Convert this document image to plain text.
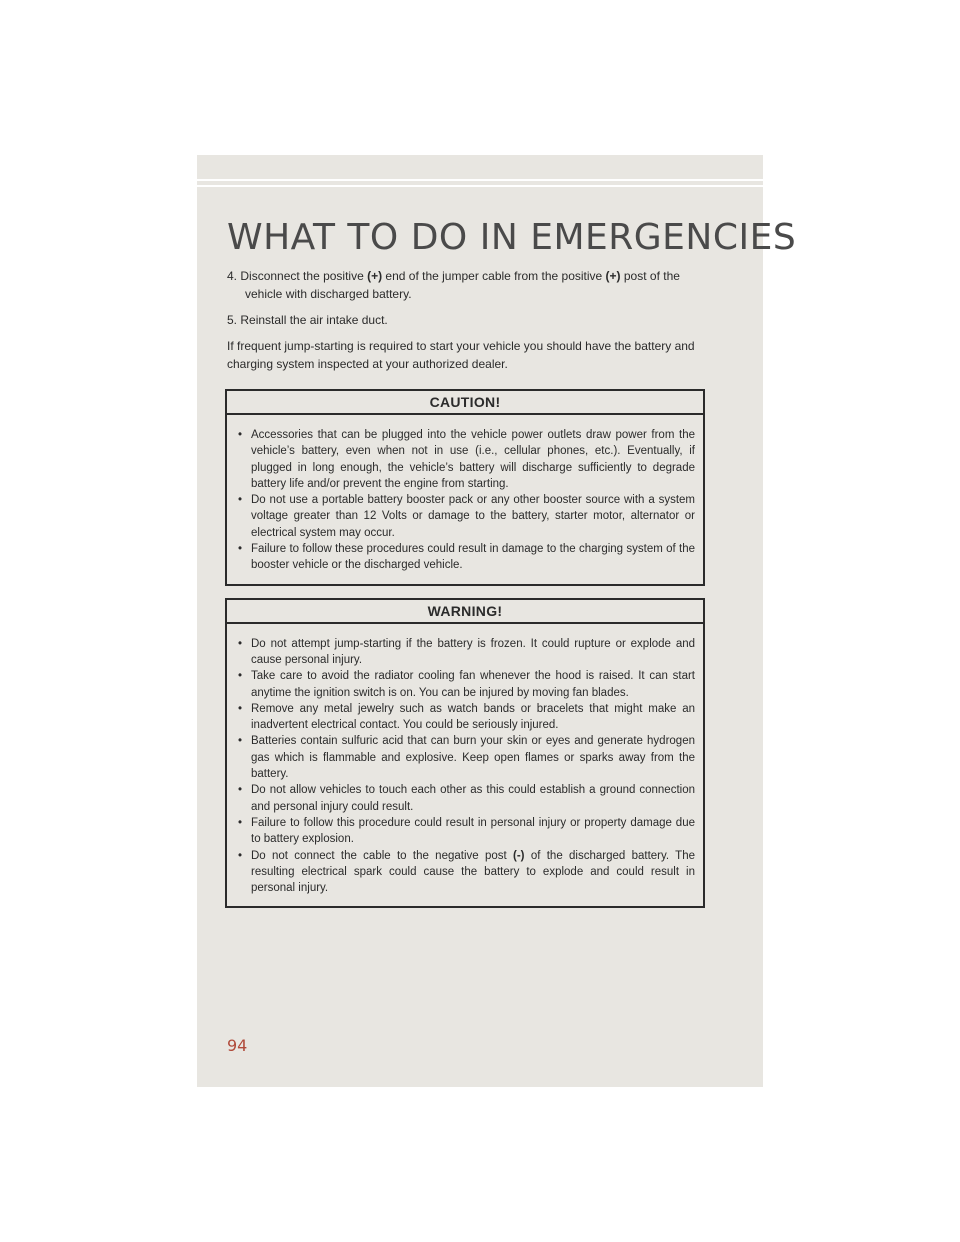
WHAT TO DO IN EMERGENCIES

4. Disconnect the positive (+) end of the jumper cable from the positive (+) post of the vehicle with discharged battery.

5. Reinstall the air intake duct.

If frequent jump-starting is required to start your vehicle you should have the battery and charging system inspected at your authorized dealer.

CAUTION!
• Accessories that can be plugged into the vehicle power outlets draw power from the vehicle’s battery, even when not in use (i.e., cellular phones, etc.). Eventually, if plugged in long enough, the vehicle’s battery will discharge sufficiently to degrade battery life and/or prevent the engine from starting.
• Do not use a portable battery booster pack or any other booster source with a system voltage greater than 12 Volts or damage to the battery, starter motor, alternator or electrical system may occur.
• Failure to follow these procedures could result in damage to the charging system of the booster vehicle or the discharged vehicle.
WARNING!
• Do not attempt jump-starting if the battery is frozen. It could rupture or explode and cause personal injury.
• Take care to avoid the radiator cooling fan whenever the hood is raised. It can start anytime the ignition switch is on. You can be injured by moving fan blades.
• Remove any metal jewelry such as watch bands or bracelets that might make an inadvertent electrical contact. You could be seriously injured.
• Batteries contain sulfuric acid that can burn your skin or eyes and generate hydrogen gas which is flammable and explosive. Keep open flames or sparks away from the battery.
• Do not allow vehicles to touch each other as this could establish a ground connection and personal injury could result.
• Failure to follow this procedure could result in personal injury or property damage due to battery explosion.
• Do not connect the cable to the negative post (-) of the discharged battery. The resulting electrical spark could cause the battery to explode and could result in personal injury.
94
